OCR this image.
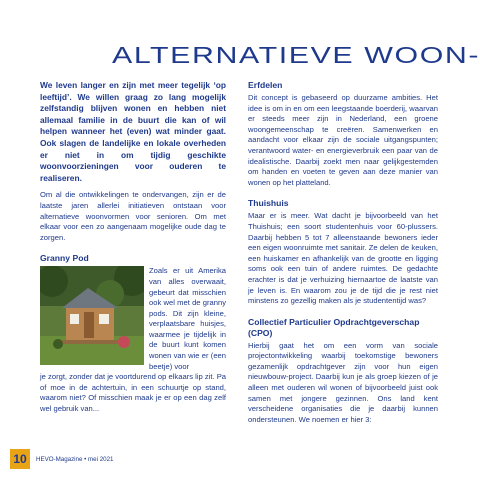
ALTERNATIEVE WOON-

We leven langer en zijn met meer tegelijk ‘op leeftijd’. We willen graag zo lang mogelijk zelfstandig blijven wonen en hebben niet allemaal familie in de buurt die kan of wil helpen wanneer het (even) wat minder gaat. Ook slagen de landelijke en lokale overheden er niet in om tijdig geschikte woonvoorzieningen voor ouderen te realiseren.

Om al die ontwikkelingen te ondervangen, zijn er de laatste jaren allerlei initiatieven ontstaan voor alternatieve woonvormen voor senioren. Om met elkaar voor een zo aangenaam mogelijke oude dag te zorgen.

Granny Pod

Zoals er uit Amerika van alles overwaait, gebeurt dat misschien ook wel met de granny pods. Dit zijn kleine, verplaatsbare huisjes, waarmee je tijdelijk in de buurt kunt komen wonen van wie er (een beetje) voor

je zorgt, zonder dat je voortdurend op elkaars lip zit. Pa of moe in de achtertuin, in een schuurtje op stand, waarom niet? Of misschien maak je er op een dag zelf wel gebruik van...

Erfdelen

Dit concept is gebaseerd op duurzame ambities. Het idee is om in en om een leegstaande boerderij, waarvan er steeds meer zijn in Nederland, een groene woongemeenschap te creëren. Samenwerken en aandacht voor elkaar zijn de sociale uitgangspunten; verantwoord water- en energieverbruik een paar van de idealistische. Daarbij zoekt men naar gelijkgestemden om handen en voeten te geven aan deze manier van wonen op het platteland.

Thuishuis

Maar er is meer. Wat dacht je bijvoorbeeld van het Thuishuis; een soort studentenhuis voor 60-plussers. Daarbij hebben 5 tot 7 alleenstaande bewoners ieder een eigen woonruimte met sanitair. Ze delen de keuken, een huiskamer en afhankelijk van de grootte en ligging soms ook een tuin of andere ruimtes. De gedachte erachter is dat je verhuizing hiernaartoe de laatste van je leven is. En waarom zou je de tijd die je rest niet minstens zo gezellig maken als je studententijd was?

Collectief Particulier Opdrachtgeverschap (CPO)

Hierbij gaat het om een vorm van sociale projectontwikkeling waarbij toekomstige bewoners gezamenlijk opdrachtgever zijn voor hun eigen nieuwbouw-project. Daarbij kun je als groep kiezen of je alleen met ouderen wil wonen of bijvoorbeeld juist ook samen met jongere gezinnen. Ons land kent verscheidene organisaties die je daarbij kunnen ondersteunen. We noemen er hier 3:

10	HEVO-Magazine • mei 2021
